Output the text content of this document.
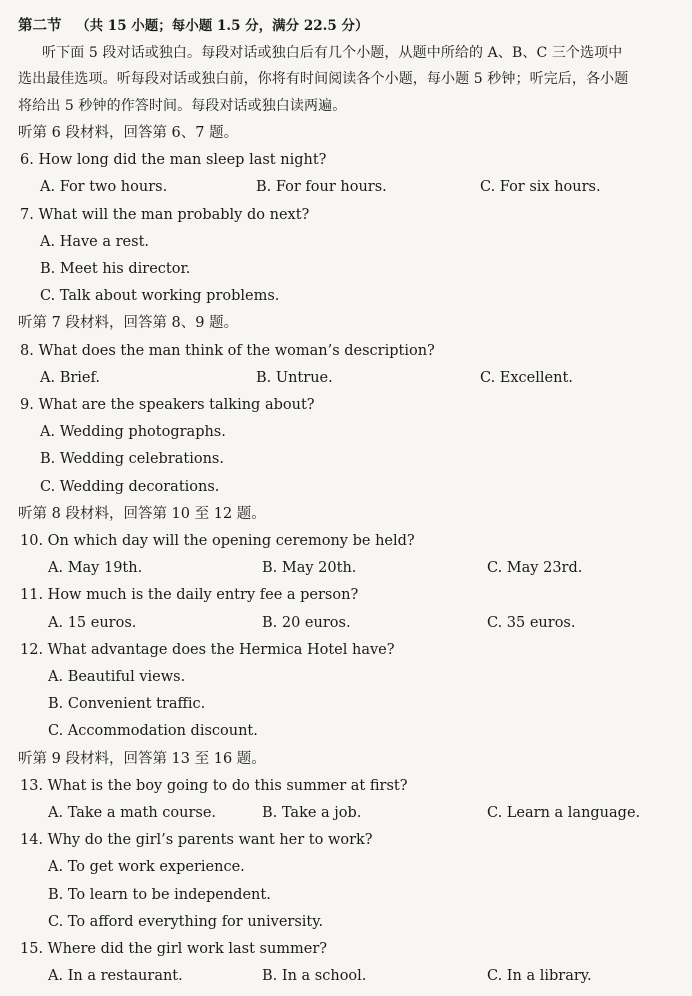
第二节 （共 15 小题；每小题 1.5 分，满分 22.5 分）
听下面 5 段对话或独白。每段对话或独白后有几个小题，从题中所给的 A、B、C 三个选项中
选出最佳选项。听每段对话或独白前，你将有时间阅读各个小题，每小题 5 秒钟；听完后，各小题
将给出 5 秒钟的作答时间。每段对话或独白读两遍。
听第 6 段材料，回答第 6、7 题。
6. How long did the man sleep last night?
A. For two hours.	B. For four hours.	C. For six hours.
7. What will the man probably do next?
A. Have a rest.
B. Meet his director.
C. Talk about working problems.
听第 7 段材料，回答第 8、9 题。
8. What does the man think of the woman’s description?
A. Brief.	B. Untrue.	C. Excellent.
9. What are the speakers talking about?
A. Wedding photographs.
B. Wedding celebrations.
C. Wedding decorations.
听第 8 段材料，回答第 10 至 12 题。
10. On which day will the opening ceremony be held?
A. May 19th.	B. May 20th.	C. May 23rd.
11. How much is the daily entry fee a person?
A. 15 euros.	B. 20 euros.	C. 35 euros.
12. What advantage does the Hermica Hotel have?
A. Beautiful views.
B. Convenient traffic.
C. Accommodation discount.
听第 9 段材料，回答第 13 至 16 题。
13. What is the boy going to do this summer at first?
A. Take a math course.	B. Take a job.	C. Learn a language.
14. Why do the girl’s parents want her to work?
A. To get work experience.
B. To learn to be independent.
C. To afford everything for university.
15. Where did the girl work last summer?
A. In a restaurant.	B. In a school.	C. In a library.
